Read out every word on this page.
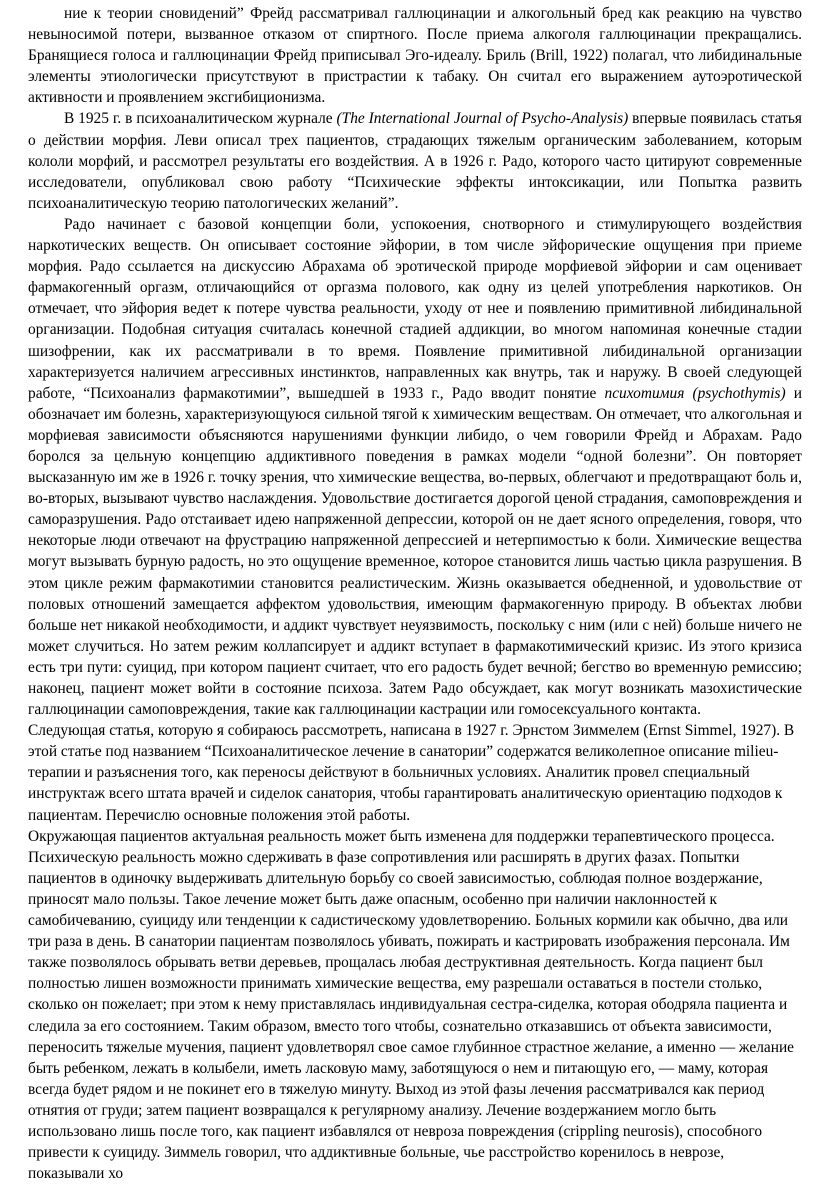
ние к теории сновидений” Фрейд рассматривал галлюцинации и алкогольный бред как реакцию на чувство невыносимой потери, вызванное отказом от спиртного. После приема алкоголя галлюцинации прекращались. Бранящиеся голоса и галлюцинации Фрейд приписывал Эго-идеалу. Бриль (Brill, 1922) полагал, что либидинальные элементы этиологически присутствуют в пристрастии к табаку. Он считал его выражением аутоэротической активности и проявлением эксгибиционизма.

В 1925 г. в психоаналитическом журнале (The International Journal of Psycho-Analysis) впервые появилась статья о действии морфия. Леви описал трех пациентов, страдающих тяжелым органическим заболеванием, которым кололи морфий, и рассмотрел результаты его воздействия. А в 1926 г. Радо, которого часто цитируют современные исследователи, опубликовал свою работу “Психические эффекты интоксикации, или Попытка развить психоаналитическую теорию патологических желаний”.

Радо начинает с базовой концепции боли, успокоения, снотворного и стимулирующего воздействия наркотических веществ. Он описывает состояние эйфории, в том числе эйфорические ощущения при приеме морфия. Радо ссылается на дискуссию Абрахама об эротической природе морфиевой эйфории и сам оценивает фармакогенный оргазм, отличающийся от оргазма полового, как одну из целей употребления наркотиков. Он отмечает, что эйфория ведет к потере чувства реальности, уходу от нее и появлению примитивной либидинальной организации. Подобная ситуация считалась конечной стадией аддикции, во многом напоминая конечные стадии шизофрении, как их рассматривали в то время. Появление примитивной либидинальной организации характеризуется наличием агрессивных инстинктов, направленных как внутрь, так и наружу. В своей следующей работе, “Психоанализ фармакотимии”, вышедшей в 1933 г., Радо вводит понятие психотимия (psychothymis) и обозначает им болезнь, характеризующуюся сильной тягой к химическим веществам. Он отмечает, что алкогольная и морфиевая зависимости объясняются нарушениями функции либидо, о чем говорили Фрейд и Абрахам. Радо боролся за цельную концепцию аддиктивного поведения в рамках модели “одной болезни”. Он повторяет высказанную им же в 1926 г. точку зрения, что химические вещества, во-первых, облегчают и предотвращают боль и, во-вторых, вызывают чувство наслаждения. Удовольствие достигается дорогой ценой страдания, самоповреждения и саморазрушения. Радо отстаивает идею напряженной депрессии, которой он не дает ясного определения, говоря, что некоторые люди отвечают на фрустрацию напряженной депрессией и нетерпимостью к боли. Химические вещества могут вызывать бурную радость, но это ощущение временное, которое становится лишь частью цикла разрушения. В этом цикле режим фармакотимии становится реалистическим. Жизнь оказывается обедненной, и удовольствие от половых отношений замещается аффектом удовольствия, имеющим фармакогенную природу. В объектах любви больше нет никакой необходимости, и аддикт чувствует неуязвимость, поскольку с ним (или с ней) больше ничего не может случиться. Но затем режим коллапсирует и аддикт вступает в фармакотимический кризис. Из этого кризиса есть три пути: суицид, при котором пациент считает, что его радость будет вечной; бегство во временную ремиссию; наконец, пациент может войти в состояние психоза. Затем Радо обсуждает, как могут возникать мазохистические галлюцинации самоповреждения, такие как галлюцинации кастрации или гомосексуального контакта.

Следующая статья, которую я собираюсь рассмотреть, написана в 1927 г. Эрнстом Зиммелем (Ernst Simmel, 1927). В этой статье под названием “Психоаналитическое лечение в санатории” содержатся великолепное описание milieu-терапии и разъяснения того, как переносы действуют в больничных условиях. Аналитик провел специальный инструктаж всего штата врачей и сиделок санатория, чтобы гарантировать аналитическую ориентацию подходов к пациентам. Перечислю основные положения этой работы.

Окружающая пациентов актуальная реальность может быть изменена для поддержки терапевтического процесса. Психическую реальность можно сдерживать в фазе сопротивления или расширять в других фазах. Попытки пациентов в одиночку выдерживать длительную борьбу со своей зависимостью, соблюдая полное воздержание, приносят мало пользы. Такое лечение может быть даже опасным, особенно при наличии наклонностей к самобичеванию, суициду или тенденции к садистическому удовлетворению. Больных кормили как обычно, два или три раза в день. В санатории пациентам позволялось убивать, пожирать и кастрировать изображения персонала. Им также позволялось обрывать ветви деревьев, прощалась любая деструктивная деятельность. Когда пациент был полностью лишен возможности принимать химические вещества, ему разрешали оставаться в постели столько, сколько он пожелает; при этом к нему приставлялась индивидуальная сестра-сиделка, которая ободряла пациента и следила за его состоянием. Таким образом, вместо того чтобы, сознательно отказавшись от объекта зависимости, переносить тяжелые мучения, пациент удовлетворял свое самое глубинное страстное желание, а именно — желание быть ребенком, лежать в колыбели, иметь ласковую маму, заботящуюся о нем и питающую его, — маму, которая всегда будет рядом и не покинет его в тяжелую минуту. Выход из этой фазы лечения рассматривался как период отнятия от груди; затем пациент возвращался к регулярному анализу. Лечение воздержанием могло быть использовано лишь после того, как пациент избавлялся от невроза повреждения (crippling neurosis), способного привести к суициду. Зиммель говорил, что аддиктивные больные, чье расстройство коренилось в неврозе, показывали хо
